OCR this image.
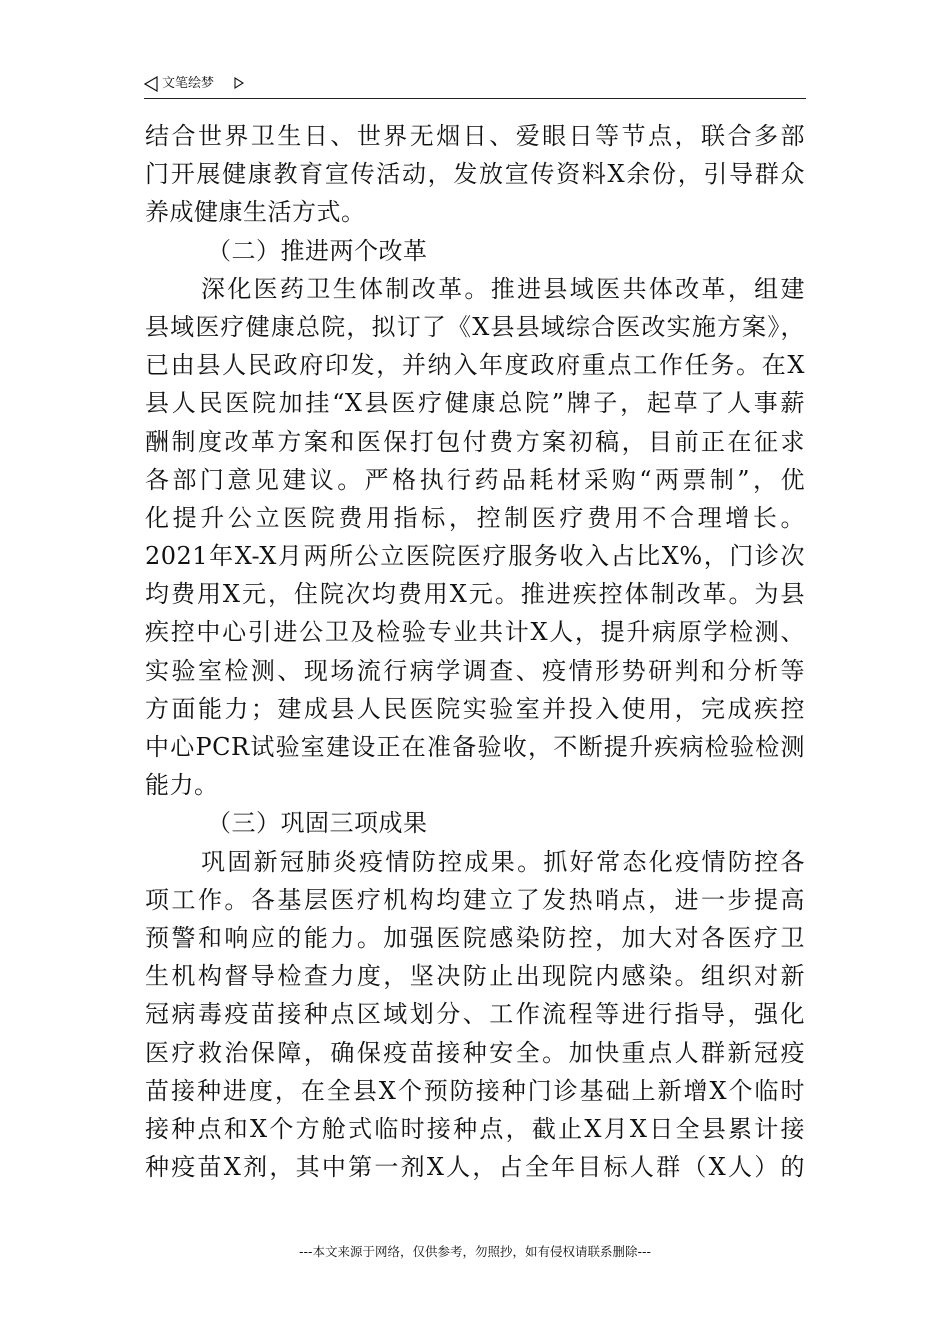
文笔绘梦
结合世界卫生日、世界无烟日、爱眼日等节点，联合多部
门开展健康教育宣传活动，发放宣传资料X余份，引导群众
养成健康生活方式。
（二）推进两个改革
深化医药卫生体制改革。推进县域医共体改革，组建
县域医疗健康总院，拟订了《X县县域综合医改实施方案》，
已由县人民政府印发，并纳入年度政府重点工作任务。在X
县人民医院加挂“X县医疗健康总院”牌子，起草了人事薪
酬制度改革方案和医保打包付费方案初稿，目前正在征求
各部门意见建议。严格执行药品耗材采购“两票制”，优
化提升公立医院费用指标，控制医疗费用不合理增长。
2021年X-X月两所公立医院医疗服务收入占比X%，门诊次
均费用X元，住院次均费用X元。推进疾控体制改革。为县
疾控中心引进公卫及检验专业共计X人，提升病原学检测、
实验室检测、现场流行病学调查、疫情形势研判和分析等
方面能力；建成县人民医院实验室并投入使用，完成疾控
中心PCR试验室建设正在准备验收，不断提升疾病检验检测
能力。
（三）巩固三项成果
巩固新冠肺炎疫情防控成果。抓好常态化疫情防控各
项工作。各基层医疗机构均建立了发热哨点，进一步提高
预警和响应的能力。加强医院感染防控，加大对各医疗卫
生机构督导检查力度，坚决防止出现院内感染。组织对新
冠病毒疫苗接种点区域划分、工作流程等进行指导，强化
医疗救治保障，确保疫苗接种安全。加快重点人群新冠疫
苗接种进度，在全县X个预防接种门诊基础上新增X个临时
接种点和X个方舱式临时接种点，截止X月X日全县累计接
种疫苗X剂，其中第一剂X人，占全年目标人群（X人）的
---本文来源于网络，仅供参考，勿照抄，如有侵权请联系删除---
